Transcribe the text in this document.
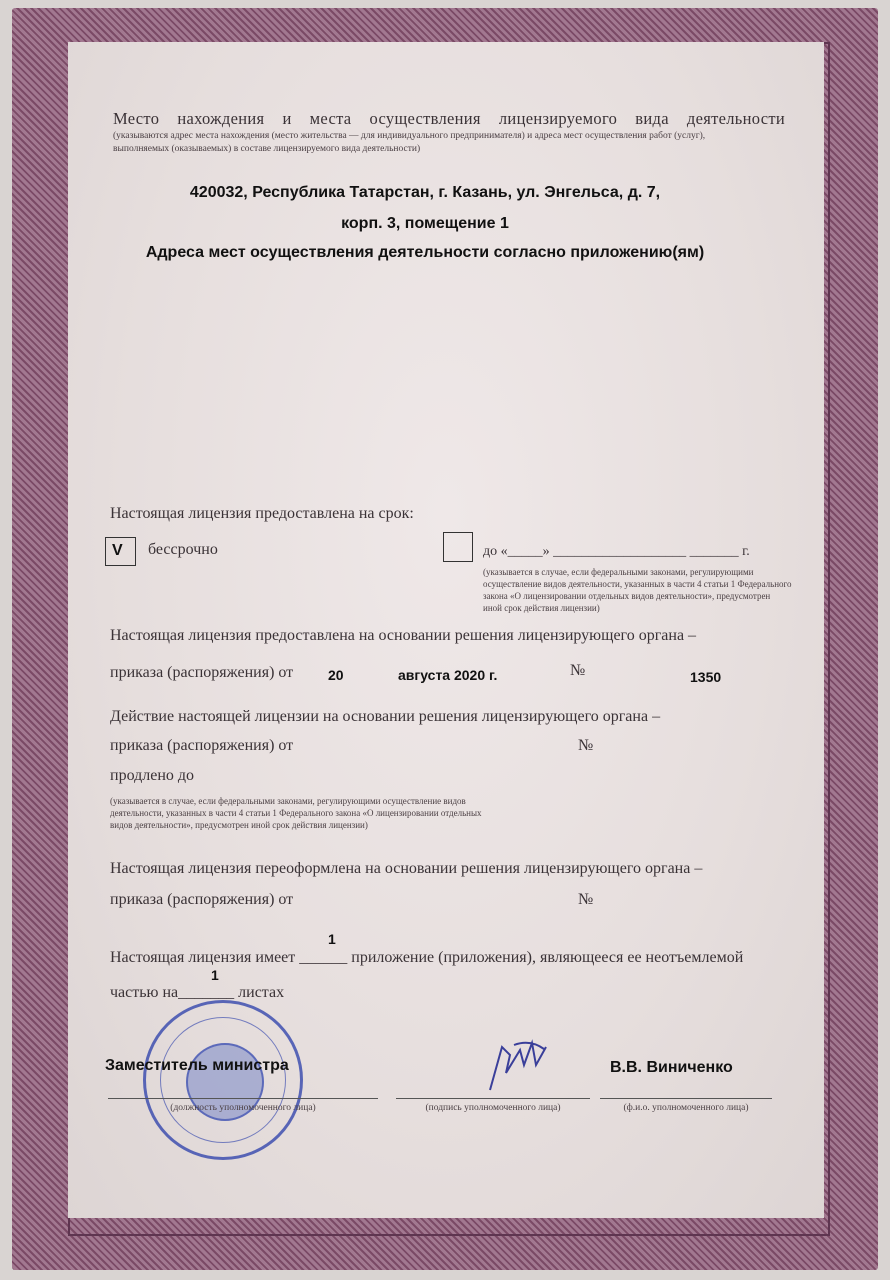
Место нахождения и места осуществления лицензируемого вида деятельности
(указываются адрес места нахождения (место жительства — для индивидуального предпринимателя) и адреса мест осуществления работ (услуг),
выполняемых (оказываемых) в составе лицензируемого вида деятельности)
420032, Республика Татарстан, г. Казань, ул. Энгельса, д. 7,
корп. 3, помещение 1
Адреса мест осуществления деятельности согласно приложению(ям)
Настоящая лицензия предоставлена на срок:
V бессрочно	до «_____» ___________________ _______ г.
(указывается в случае, если федеральными законами, регулирующими
осуществление видов деятельности, указанных в части 4 статьи 1 Федерального
закона «О лицензировании отдельных видов деятельности», предусмотрен
иной срок действия лицензии)
Настоящая лицензия предоставлена на основании решения лицензирующего органа –
приказа (распоряжения) от 20	августа 2020 г.	№	1350
Действие настоящей лицензии на основании решения лицензирующего органа –
приказа (распоряжения) от	№
продлено до
(указывается в случае, если федеральными законами, регулирующими осуществление видов
деятельности, указанных в части 4 статьи 1 Федерального закона «О лицензировании отдельных
видов деятельности», предусмотрен иной срок действия лицензии)
Настоящая лицензия переоформлена на основании решения лицензирующего органа –
приказа (распоряжения) от	№
1
Настоящая лицензия имеет ______ приложение (приложения), являющееся ее неотъемлемой
1
частью на_______ листах
Заместитель министра	В.В. Виниченко
(должность уполномоченного лица)	(подпись уполномоченного лица)	(ф.и.о. уполномоченного лица)
